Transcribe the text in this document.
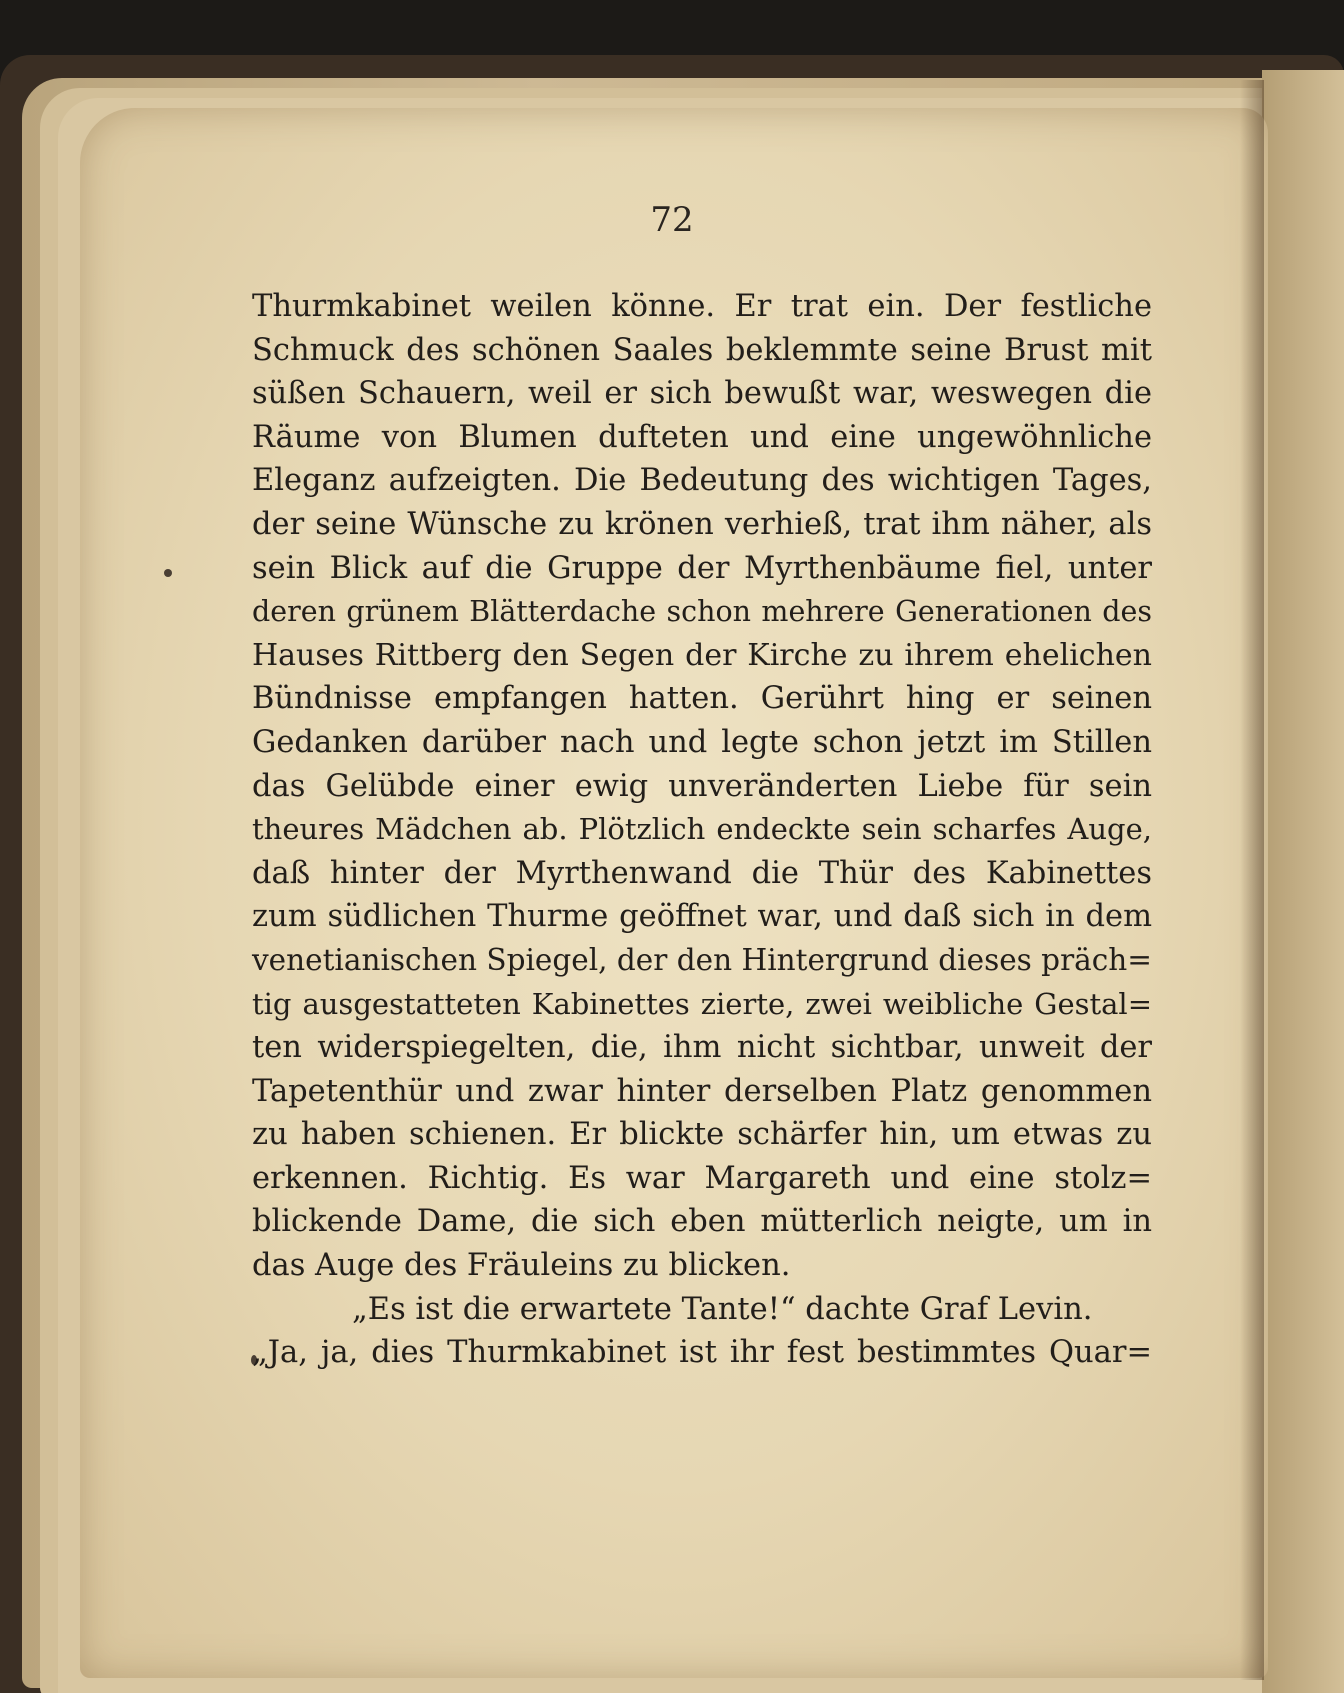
72
Thurmkabinet weilen könne. Er trat ein. Der festliche
Schmuck des schönen Saales beklemmte seine Brust mit
süßen Schauern, weil er sich bewußt war, weswegen die
Räume von Blumen dufteten und eine ungewöhnliche
Eleganz aufzeigten. Die Bedeutung des wichtigen Tages,
der seine Wünsche zu krönen verhieß, trat ihm näher, als
sein Blick auf die Gruppe der Myrthenbäume fiel, unter
deren grünem Blätterdache schon mehrere Generationen des
Hauses Rittberg den Segen der Kirche zu ihrem ehelichen
Bündnisse empfangen hatten. Gerührt hing er seinen
Gedanken darüber nach und legte schon jetzt im Stillen
das Gelübde einer ewig unveränderten Liebe für sein
theures Mädchen ab. Plötzlich endeckte sein scharfes Auge,
daß hinter der Myrthenwand die Thür des Kabinettes
zum südlichen Thurme geöffnet war, und daß sich in dem
venetianischen Spiegel, der den Hintergrund dieses präch=
tig ausgestatteten Kabinettes zierte, zwei weibliche Gestal=
ten widerspiegelten, die, ihm nicht sichtbar, unweit der
Tapetenthür und zwar hinter derselben Platz genommen
zu haben schienen. Er blickte schärfer hin, um etwas zu
erkennen. Richtig. Es war Margareth und eine stolz=
blickende Dame, die sich eben mütterlich neigte, um in
das Auge des Fräuleins zu blicken.
„Es ist die erwartete Tante!“ dachte Graf Levin.
„Ja, ja, dies Thurmkabinet ist ihr fest bestimmtes Quar=
